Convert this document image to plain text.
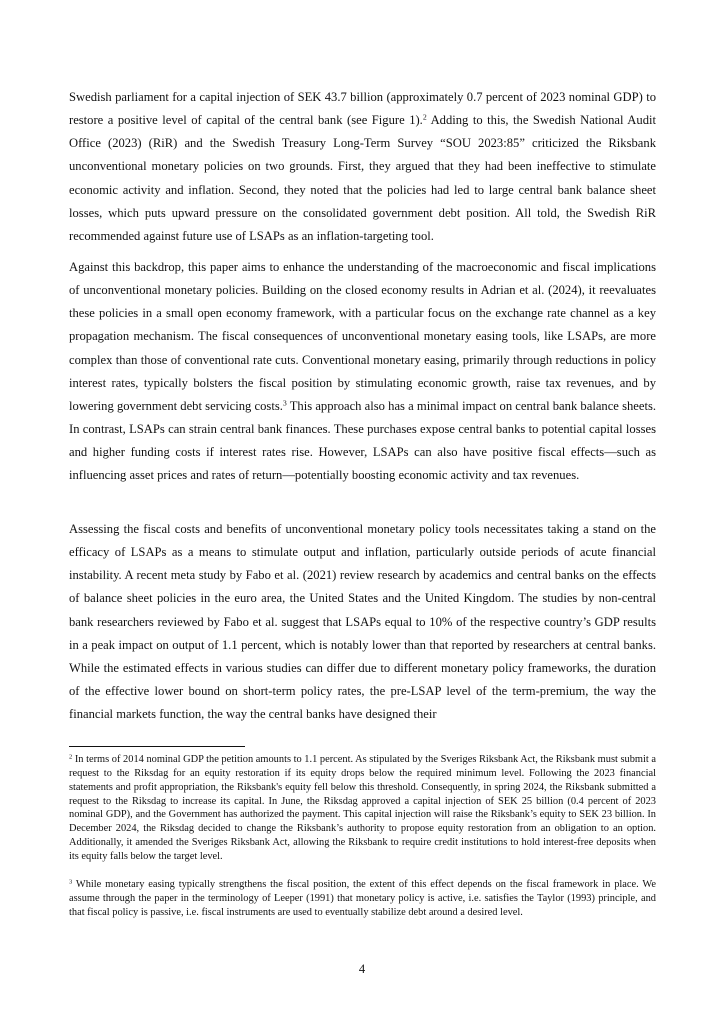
Swedish parliament for a capital injection of SEK 43.7 billion (approximately 0.7 percent of 2023 nominal GDP) to restore a positive level of capital of the central bank (see Figure 1).$^2$ Adding to this, the Swedish National Audit Office (2023) (RiR) and the Swedish Treasury Long-Term Survey “SOU 2023:85” criticized the Riksbank unconventional monetary policies on two grounds. First, they argued that they had been ineffective to stimulate economic activity and inflation. Second, they noted that the policies had led to large central bank balance sheet losses, which puts upward pressure on the consolidated government debt position. All told, the Swedish RiR recommended against future use of LSAPs as an inflation-targeting tool.

Against this backdrop, this paper aims to enhance the understanding of the macroeconomic and fiscal implications of unconventional monetary policies. Building on the closed economy results in Adrian et al. (2024), it reevaluates these policies in a small open economy framework, with a particular focus on the exchange rate channel as a key propagation mechanism. The fiscal consequences of unconventional monetary easing tools, like LSAPs, are more complex than those of conventional rate cuts. Conventional monetary easing, primarily through reductions in policy interest rates, typically bolsters the fiscal position by stimulating economic growth, raise tax revenues, and by lowering government debt servicing costs.$^3$ This approach also has a minimal impact on central bank balance sheets. In contrast, LSAPs can strain central bank finances. These purchases expose central banks to potential capital losses and higher funding costs if interest rates rise. However, LSAPs can also have positive fiscal effects—such as influencing asset prices and rates of return—potentially boosting economic activity and tax revenues.

Assessing the fiscal costs and benefits of unconventional monetary policy tools necessitates taking a stand on the efficacy of LSAPs as a means to stimulate output and inflation, particularly outside periods of acute financial instability. A recent meta study by Fabo et al. (2021) review research by academics and central banks on the effects of balance sheet policies in the euro area, the United States and the United Kingdom. The studies by non-central bank researchers reviewed by Fabo et al. suggest that LSAPs equal to 10% of the respective country’s GDP results in a peak impact on output of 1.1 percent, which is notably lower than that reported by researchers at central banks. While the estimated effects in various studies can differ due to different monetary policy frameworks, the duration of the effective lower bound on short-term policy rates, the pre-LSAP level of the term-premium, the way the financial markets function, the way the central banks have designed their

$^2$ In terms of 2014 nominal GDP the petition amounts to 1.1 percent. As stipulated by the Sveriges Riksbank Act, the Riksbank must submit a request to the Riksdag for an equity restoration if its equity drops below the required minimum level. Following the 2023 financial statements and profit appropriation, the Riksbank's equity fell below this threshold. Consequently, in spring 2024, the Riksbank submitted a request to the Riksdag to increase its capital. In June, the Riksdag approved a capital injection of SEK 25 billion (0.4 percent of 2023 nominal GDP), and the Government has authorized the payment. This capital injection will raise the Riksbank’s equity to SEK 23 billion. In December 2024, the Riksdag decided to change the Riksbank’s authority to propose equity restoration from an obligation to an option. Additionally, it amended the Sveriges Riksbank Act, allowing the Riksbank to require credit institutions to hold interest-free deposits when its equity falls below the target level.

$^3$ While monetary easing typically strengthens the fiscal position, the extent of this effect depends on the fiscal framework in place. We assume through the paper in the terminology of Leeper (1991) that monetary policy is active, i.e. satisfies the Taylor (1993) principle, and that fiscal policy is passive, i.e. fiscal instruments are used to eventually stabilize debt around a desired level.

4
